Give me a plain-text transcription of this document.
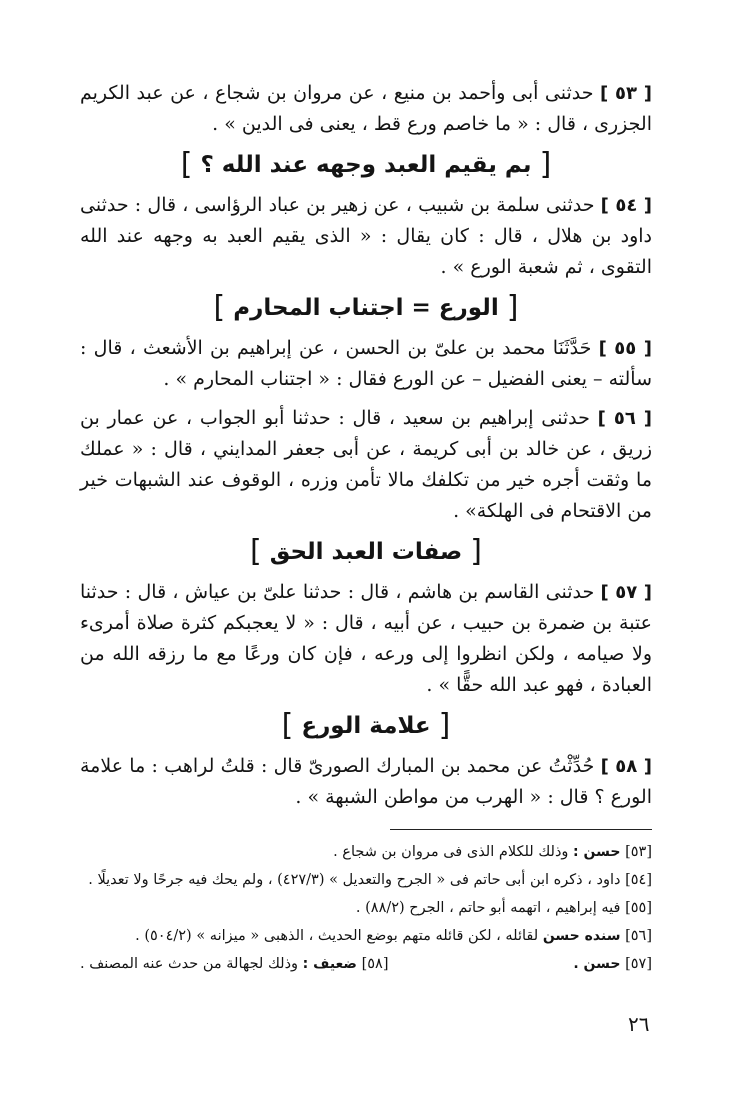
[ ٥٣ ] حدثنى أبى وأحمد بن منيع ، عن مروان بن شجاع ، عن عبد الكريم الجزرى ، قال : « ما خاصم ورع قط ، يعنى فى الدين » .

[ بم يقيم العبد وجهه عند الله ؟ ]

[ ٥٤ ] حدثنى سلمة بن شبيب ، عن زهير بن عباد الرؤاسى ، قال : حدثنى داود بن هلال ، قال : كان يقال : « الذى يقيم العبد به وجهه عند الله التقوى ، ثم شعبة الورع » .

[ الورع = اجتناب المحارم ]

[ ٥٥ ] حَدَّثَنَا محمد بن علىّ بن الحسن ، عن إبراهيم بن الأشعث ، قال : سألته – يعنى الفضيل – عن الورع فقال : « اجتناب المحارم » .

[ ٥٦ ] حدثنى إبراهيم بن سعيد ، قال : حدثنا أبو الجواب ، عن عمار بن زريق ، عن خالد بن أبى كريمة ، عن أبى جعفر المدايني ، قال : « عملك ما وثقت أجره خير من تكلفك مالا تأمن وزره ، الوقوف عند الشبهات خير من الاقتحام فى الهلكة» .

[ صفات العبد الحق ]

[ ٥٧ ] حدثنى القاسم بن هاشم ، قال : حدثنا علىّ بن عياش ، قال : حدثنا عتبة بن ضمرة بن حبيب ، عن أبيه ، قال : « لا يعجبكم كثرة صلاة أمرىء ولا صيامه ، ولكن انظروا إلى ورعه ، فإن كان ورعًا مع ما رزقه الله من العبادة ، فهو عبد الله حقًّا » .

[ علامة الورع ]

[ ٥٨ ] حُدِّثْتُ عن محمد بن المبارك الصورىّ قال : قلتُ لراهب : ما علامة الورع ؟ قال : « الهرب من مواطن الشبهة » .

[٥٣] حسن : وذلك للكلام الذى فى مروان بن شجاع .
[٥٤] داود ، ذكره ابن أبى حاتم فى « الجرح والتعديل » (٤٢٧/٣) ، ولم يحك فيه جرحًا ولا تعديلًا .
[٥٥] فيه إبراهيم ، اتهمه أبو حاتم ، الجرح (٨٨/٢) .
[٥٦] سنده حسن لقائله ، لكن قائله متهم بوضع الحديث ، الذهبى « ميزانه » (٥٠٤/٢) .
[٥٧] حسن .
[٥٨] ضعيف : وذلك لجهالة من حدث عنه المصنف .
٢٦
